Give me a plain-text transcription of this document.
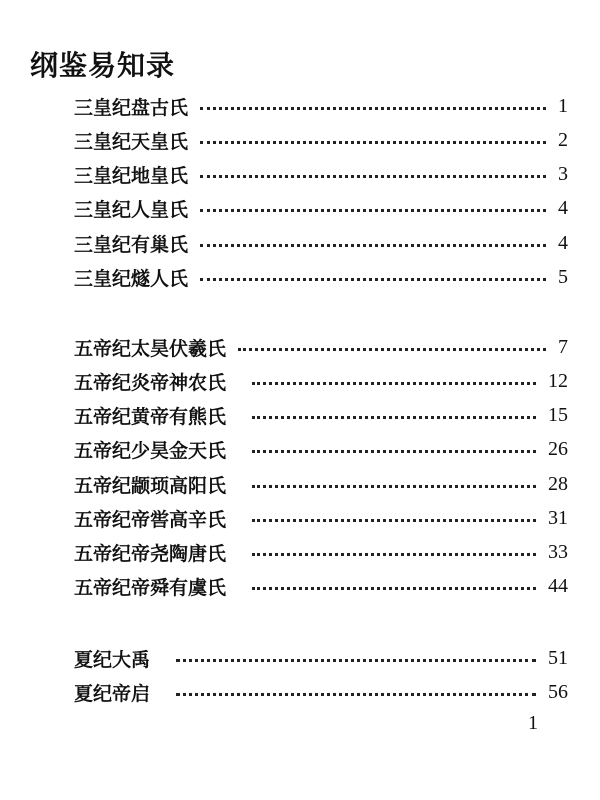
纲鉴易知录
三皇纪盘古氏	1
三皇纪天皇氏	2
三皇纪地皇氏	3
三皇纪人皇氏	4
三皇纪有巢氏	4
三皇纪燧人氏	5
五帝纪太昊伏羲氏	7
五帝纪炎帝神农氏	12
五帝纪黄帝有熊氏	15
五帝纪少昊金天氏	26
五帝纪颛顼高阳氏	28
五帝纪帝喾高辛氏	31
五帝纪帝尧陶唐氏	33
五帝纪帝舜有虞氏	44
夏纪大禹	51
夏纪帝启	56
1
